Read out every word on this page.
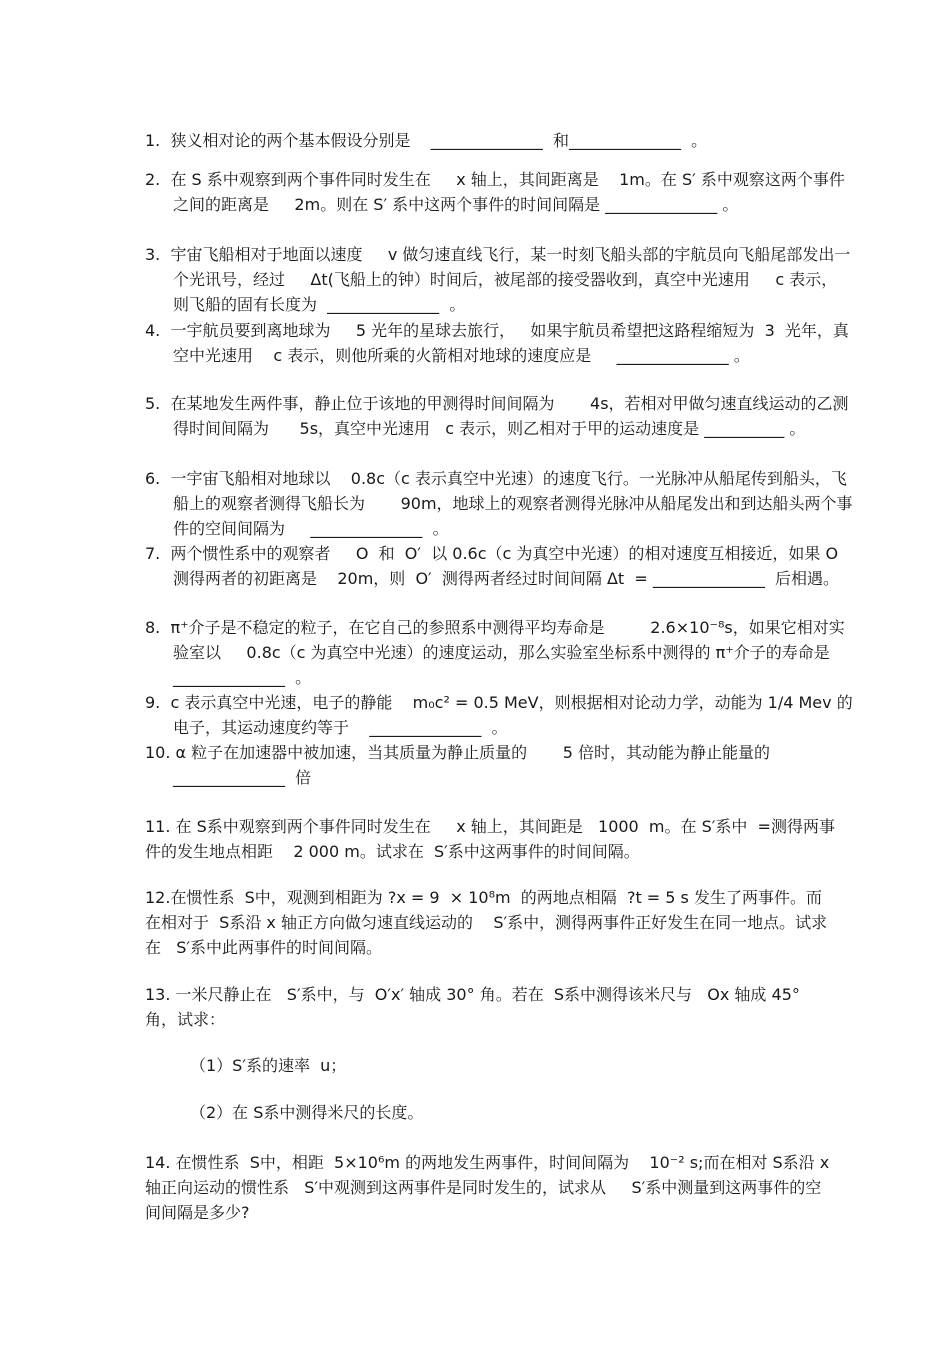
1.  狭义相对论的两个基本假设分别是    ______________  和______________  。
2.  在 S 系中观察到两个事件同时发生在     x 轴上，其间距离是    1m。在 S′ 系中观察这两个事件之间的距离是     2m。则在 S′ 系中这两个事件的时间间隔是 ______________ 。
3.  宇宙飞船相对于地面以速度     v 做匀速直线飞行，某一时刻飞船头部的宇航员向飞船尾部发出一个光讯号，经过     Δt(飞船上的钟）时间后，被尾部的接受器收到，真空中光速用     c 表示，则飞船的固有长度为  ______________  。
4.  一宇航员要到离地球为     5 光年的星球去旅行，   如果宇航员希望把这路程缩短为  3  光年，真空中光速用    c 表示，则他所乘的火箭相对地球的速度应是     ______________ 。
5.  在某地发生两件事，静止位于该地的甲测得时间间隔为       4s，若相对甲做匀速直线运动的乙测得时间间隔为      5s，真空中光速用   c 表示，则乙相对于甲的运动速度是 __________ 。
6.  一宇宙飞船相对地球以    0.8c（c 表示真空中光速）的速度飞行。一光脉冲从船尾传到船头，飞船上的观察者测得飞船长为       90m，地球上的观察者测得光脉冲从船尾发出和到达船头两个事件的空间间隔为     ______________  。
7.  两个惯性系中的观察者     O  和  O′  以 0.6c（c 为真空中光速）的相对速度互相接近，如果 O 测得两者的初距离是    20m，则  O′  测得两者经过时间间隔 Δt  = ______________  后相遇。
8.  π⁺介子是不稳定的粒子，在它自己的参照系中测得平均寿命是         2.6×10⁻⁸s，如果它相对实验室以     0.8c（c 为真空中光速）的速度运动，那么实验室坐标系中测得的 π⁺介子的寿命是 ______________  。
9.  c 表示真空中光速，电子的静能    m₀c² = 0.5 MeV，则根据相对论动力学，动能为 1/4 Mev 的电子，其运动速度约等于    ______________  。
10. α 粒子在加速器中被加速，当其质量为静止质量的       5 倍时，其动能为静止能量的______________  倍
11. 在 S系中观察到两个事件同时发生在     x 轴上，其间距是   1000  m。在 S′系中  =测得两事件的发生地点相距    2 000 m。试求在  S′系中这两事件的时间间隔。
12.在惯性系  S中，观测到相距为 ?x = 9  × 10⁸m  的两地点相隔  ?t = 5 s 发生了两事件。而在相对于  S系沿 x 轴正方向做匀速直线运动的    S′系中，测得两事件正好发生在同一地点。试求在   S′系中此两事件的时间间隔。
13. 一米尺静止在   S′系中，与  O′x′ 轴成 30° 角。若在  S系中测得该米尺与   Ox 轴成 45° 角，试求：
（1）S′系的速率  u；
（2）在 S系中测得米尺的长度。
14. 在惯性系  S中，相距  5×10⁶m 的两地发生两事件，时间间隔为    10⁻² s;而在相对 S系沿 x 轴正向运动的惯性系   S′中观测到这两事件是同时发生的，试求从     S′系中测量到这两事件的空间间隔是多少?
